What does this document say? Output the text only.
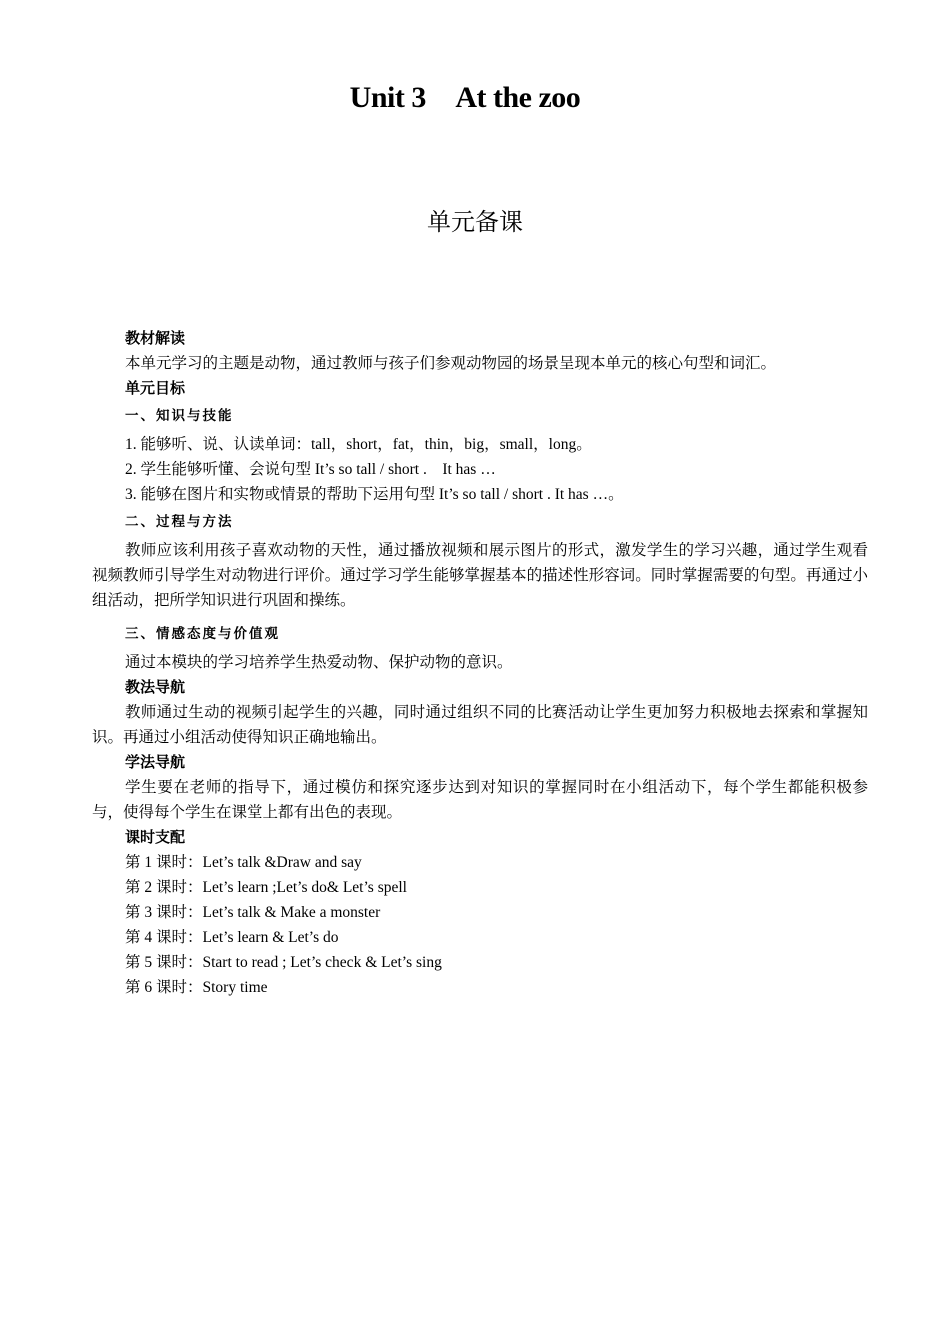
Unit 3　At the zoo
单元备课
教材解读
本单元学习的主题是动物，通过教师与孩子们参观动物园的场景呈现本单元的核心句型和词汇。
单元目标
一、知识与技能
1. 能够听、说、认读单词：tall，short，fat，thin，big，small，long。
2. 学生能够听懂、会说句型 It’s so tall / short .　It has …
3. 能够在图片和实物或情景的帮助下运用句型 It’s so tall / short . It has …。
二、过程与方法
教师应该利用孩子喜欢动物的天性，通过播放视频和展示图片的形式，激发学生的学习兴趣，通过学生观看视频教师引导学生对动物进行评价。通过学习学生能够掌握基本的描述性形容词。同时掌握需要的句型。再通过小组活动，把所学知识进行巩固和操练。
三、情感态度与价值观
通过本模块的学习培养学生热爱动物、保护动物的意识。
教法导航
教师通过生动的视频引起学生的兴趣，同时通过组织不同的比赛活动让学生更加努力积极地去探索和掌握知识。再通过小组活动使得知识正确地输出。
学法导航
学生要在老师的指导下，通过模仿和探究逐步达到对知识的掌握同时在小组活动下，每个学生都能积极参与，使得每个学生在课堂上都有出色的表现。
课时支配
第 1 课时：Let’s talk &Draw and say
第 2 课时：Let’s learn ;Let’s do& Let’s spell
第 3 课时：Let’s talk & Make a monster
第 4 课时：Let’s learn & Let’s do
第 5 课时：Start to read ; Let’s check & Let’s sing
第 6 课时：Story time
